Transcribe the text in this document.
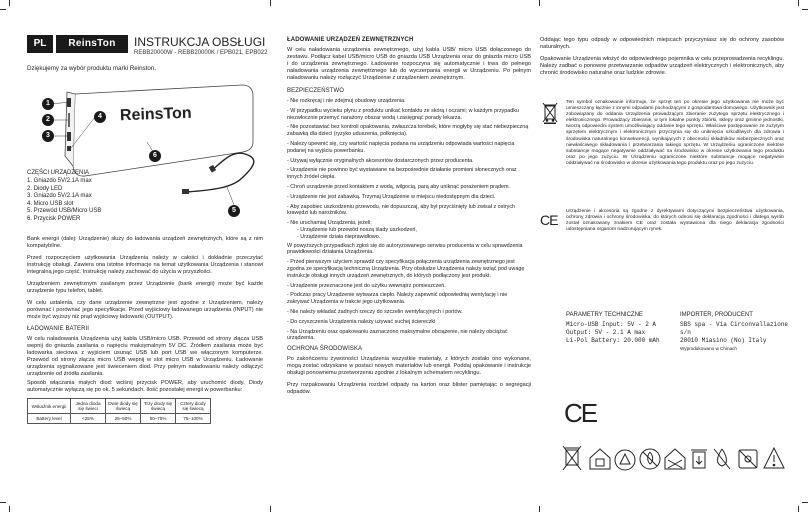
PL	ReinsTon	INSTRUKCJA OBSŁUGI
REBB20000W - REBB20000K / EPB021, EPB022
Dziękujemy za wybór produktu marki Reinston.
ReinsTon
1
2
3
4
6
5
CZĘŚCI URZĄDZENIA
1. Gniazdo 5V/2.1A max
2. Diody LED
3. Gniazdo 5V/2.1A max
4. Micro USB slot
5. Przewód USB/Micro USB
6. Przycisk POWER

Bank energii (dalej: Urządzenie) służy do ładowania urządzeń zewnętrznych, które są z nim kompatybilne.

Przed rozpoczęciem użytkowania Urządzenia należy w całości i dokładnie przeczytać instrukcję obsługi. Zawiera ona istotne informacje na temat użytkowania Urządzenia i stanowi integralną jego część. Instrukcję należy zachować do użycia w przyszłości.

Urządzeniem zewnętrznym zasilanym przez Urządzenie (bank energii) może być każde urządzenie typu telefon, tablet.

W celu ustalenia, czy dane urządzenie zewnętrzne jest zgodne z Urządzeniem, należy porównać i porównać jego specyfikacje. Przed wyjściowy ładowanego urządzenia (INPUT) nie może być wyższy niż prąd wyjściowy ładowarki (OUTPUT).

ŁADOWANIE BATERII

W celu naładowania Urządzenia użyj kabla USB/micro USB. Przewód od strony złącza USB wepnij do gniazda zasilania o napięciu maksymalnym 5V DC. Źródłem zasilania może być ładowarka sieciowa z wyjściem usunąć USB lub port USB we włączonym komputerze. Przewód od strony złącza micro USB wepnij w slot micro USB w Urządzeniu. Ładowanie urządzenia sygnalizowane jest świeceniem diod. Przy pełnym naładowaniu należy odłączyć urządzenie od źródła zasilania.

Sposób włączania małych diod: wciśnij przycisk POWER, aby uruchomić diody. Diody automatycznie wyłączą się po ok. 5 sekundach. Ilość pozostałej energii w powerbanku:

Wskaźnik energii	Jedna dioda się świeci	Dwie diody się świecą	Trzy diody się świecą	Cztery diody się świecą
Battery level	<25%	25–50%	50–75%	75–100%
ŁADOWANIE URZĄDZEŃ ZEWNĘTRZNYCH

W celu naładowania urządzenia zewnętrznego, użyj kabla USB/ micro USB dołączonego do zestawu. Podłącz kabel USB/micro USB do gniazda USB Urządzenia oraz do gniazda micro USB i do urządzenia zewnętrznego. Ładowanie rozpoczyna się automatycznie i trwa do pełnego naładowania urządzenia zewnętrznego lub do wyczerpania energii w Urządzeniu. Po pełnym naładowaniu należy rozłączyć Urządzenie z urządzeniem zewnętrznym.

BEZPIECZEŃSTWO
- Nie rozkręcaj i nie zdejmuj obudowy urządzenia.
- W przypadku wycieku płynu z produktu unikać kontaktu ze skórą i oczami; w każdym przypadku niezwłocznie przemyć narażony obszar wodą i zasięgnąć porady lekarza.
- Nie pozostawiać bez kontroli opakowania, zwłaszcza torebek, które mogłyby się stać niebezpieczną zabawką dla dzieci (ryzyko uduszenia, połknięcia).
- Należy upewnić się, czy wartość napięcia podana na urządzeniu odpowiada wartości napięcia podanej na wyjściu powerbanku.
- Używaj wyłącznie oryginalnych akcesoriów dostarczonych przez producenta.
- Urządzenie nie powinno być wystawiane na bezpośrednie działanie promieni słonecznych oraz innych źródeł ciepła.
- Chroń urządzenie przed kontaktem z wodą, wilgocią, parą aby uniknąć porażeniem prądem.
- Urządzenie nie jest zabawką. Trzymaj Urządzenie w miejscu niedostępnym dla dzieci.
- Aby zapobiec uszkodzeniu przewodu, nie dopuszczaj, aby był przyciśnięty lub zwisał z ostrych krawędzi lub narożników.
- Nie uruchamiaj Urządzenia, jeżeli:
- Urządzenie lub przewód noszą ślady uszkodzeń,
- Urządzenie działa nieprawidłowo.
W powyższych przypadkach zgłoś się do autoryzowanego serwisu producenta w celu sprawdzenia prawidłowości działania Urządzenia.
- Przed pierwszym użyciem sprawdź czy specyfikacja połączenia urządzenia zewnętrznego jest zgodna ze specyfikacją techniczną Urządzenia. Przy obsłudze Urządzenia należy wziąć pod uwagę instrukcje obsługi innych urządzeń zewnętrznych, do których podłączony jest produkt.
- Urządzenie przeznaczone jest do użytku wewnątrz pomieszczeń.
- Podczas pracy Urządzenie wytwarza ciepło. Należy zapewnić odpowiednią wentylację i nie zakrywać Urządzenia w trakcie jego użytkowania.
- Nie należy wkładać żadnych rzeczy do szczelin wentylacyjnych i portów.
- Do czyszczenia Urządzenia należy używać suchej ściereczki
- Na Urządzeniu oraz opakowaniu zaznaczono maksymalne obciążenie, nie należy obciążać urządzenia.
OCHRONA ŚRODOWISKA

Po zakończeniu żywotności Urządzenia wszystkie materiały, z których zostało ono wykonane, mogą zostać odzyskane w postaci nowych materiałów lub energii. Poddaj opakowanie i instrukcje obsługi ponownemu przetworzeniu zgodnie z lokalnym schematem recyklingu.

Przy rozpakowaniu Urządzenia rozdziel odpady na karton oraz blister pamiętając o segregacji odpadów.

Oddając tego typu odpady w odpowiednich miejscach przyczyniasz się do ochrony zasobów naturalnych.

Opakowanie Urządzenia włożyć do odpowiedniego pojemnika w celu przeprowadzenia recyklingu. Należy zadbać o ponowne przetwarzanie odpadów urządzeń elektrycznych i elektronicznych, aby chronić środowisko naturalne oraz ludzkie zdrowie.

Ten symbol oznakowanie informuje, że sprzęt ten po okresie jego użytkowania nie może być umieszczany łącznie z innymi odpadami pochodzącymi z gospodarstwa domowego. Użytkownik jest zobowiązany do oddania Urządzenia prowadzącym zbieranie zużytego sprzętu elektrycznego i elektronicznego. Prowadzący zbieranie, w tym lokalne punkty zbiórki, sklepy oraz gminne jednostki, tworzą odpowiedni system umożliwiający oddanie tego sprzętu. Właściwe postępowanie ze zużytym sprzętem elektrycznym i elektronicznym przyczynia się do uniknięcia szkodliwych dla zdrowia i środowiska naturalnego konsekwencji, wynikających z obecności składników niebezpiecznych oraz niewłaściwego składowania i przetwarzania takiego sprzętu. W Urządzeniu ograniczone niektóre substancje mogące negatywnie oddziaływać na środowisko w okresie użytkowania tego produktu oraz po jego zużyciu. W Urządzeniu ograniczone niektóre substancje mogące negatywnie oddziaływać na środowisko w okresie użytkowania tego produktu oraz po jego zużyciu.

CE

Urządzenie i akcesoria są zgodne z dyrektywami dotyczącymi bezpieczeństwa użytkowania, ochrony zdrowia i ochrony środowiska, do których odnosi się deklaracja zgodności i dlatego wyrób został oznakowany znakiem CE oraz została wystawiona dla niego deklaracja zgodności udostępniana organom nadzorującym rynek.

PARAMETRY TECHNICZNE
Micro-USB Input: 5V - 2 A
Output: 5V - 2.1 A max
Li-Pol Battery: 20.000 mAh
IMPORTER, PRODUCENT
SBS spa - Via Circonvallazione s/n
28010 Miasino (No) Italy
Wyprodukowano w Chinach
CE
